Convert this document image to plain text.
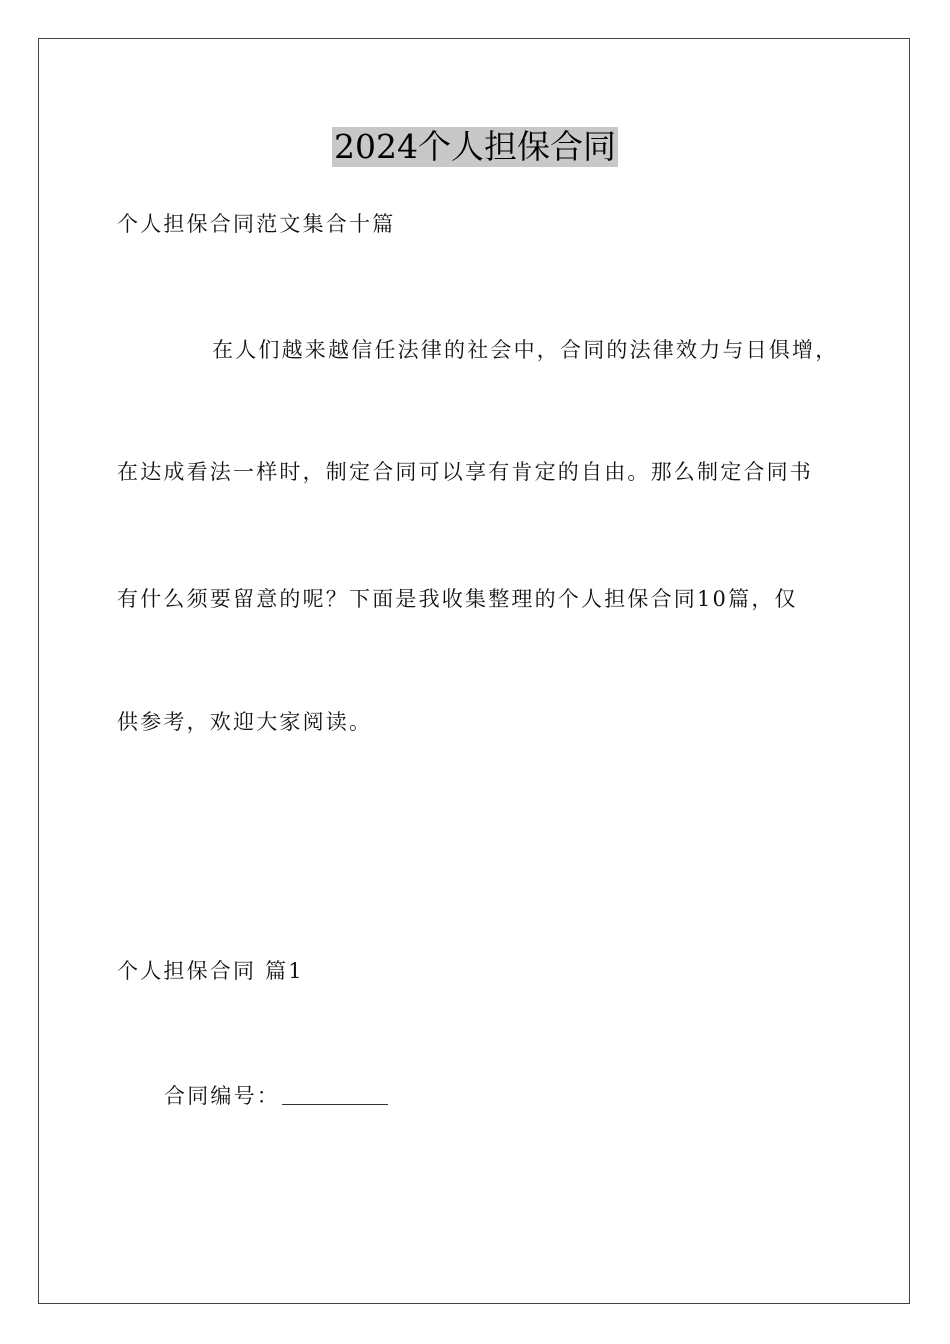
2024个人担保合同
个人担保合同范文集合十篇
在人们越来越信任法律的社会中，合同的法律效力与日俱增，
在达成看法一样时，制定合同可以享有肯定的自由。那么制定合同书
有什么须要留意的呢？下面是我收集整理的个人担保合同10篇，仅
供参考，欢迎大家阅读。
个人担保合同 篇1
合同编号：
